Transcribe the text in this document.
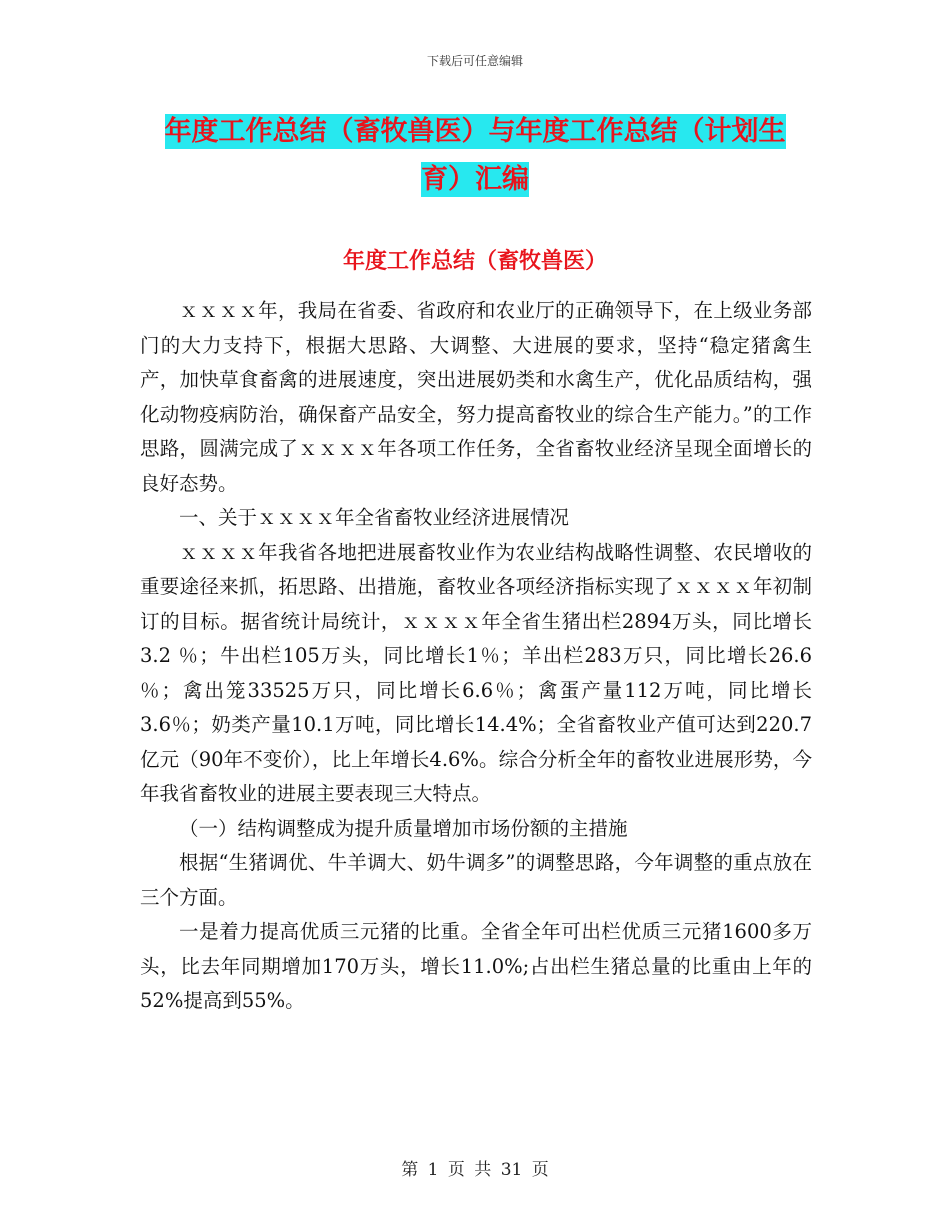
下载后可任意编辑
年度工作总结（畜牧兽医）与年度工作总结（计划生
育）汇编
年度工作总结（畜牧兽医）

ｘｘｘｘ年，我局在省委、省政府和农业厅的正确领导下，在上级业务部门的大力支持下，根据大思路、大调整、大进展的要求，坚持“稳定猪禽生产，加快草食畜禽的进展速度，突出进展奶类和水禽生产，优化品质结构，强化动物疫病防治，确保畜产品安全，努力提高畜牧业的综合生产能力。”的工作思路，圆满完成了ｘｘｘｘ年各项工作任务，全省畜牧业经济呈现全面增长的良好态势。

一、关于ｘｘｘｘ年全省畜牧业经济进展情况

ｘｘｘｘ年我省各地把进展畜牧业作为农业结构战略性调整、农民增收的重要途径来抓，拓思路、出措施，畜牧业各项经济指标实现了ｘｘｘｘ年初制订的目标。据省统计局统计，ｘｘｘｘ年全省生猪出栏2894万头，同比增长3.2 ％；牛出栏105万头，同比增长1％；羊出栏283万只，同比增长26.6 ％；禽出笼33525万只，同比增长6.6％；禽蛋产量112万吨，同比增长3.6％；奶类产量10.1万吨，同比增长14.4%；全省畜牧业产值可达到220.7亿元（90年不变价），比上年增长4.6%。综合分析全年的畜牧业进展形势，今年我省畜牧业的进展主要表现三大特点。

（一）结构调整成为提升质量增加市场份额的主措施

根据“生猪调优、牛羊调大、奶牛调多”的调整思路，今年调整的重点放在三个方面。

一是着力提高优质三元猪的比重。全省全年可出栏优质三元猪1600多万头，比去年同期增加170万头，增长11.0%;占出栏生猪总量的比重由上年的52%提高到55%。

第 1 页 共 31 页
